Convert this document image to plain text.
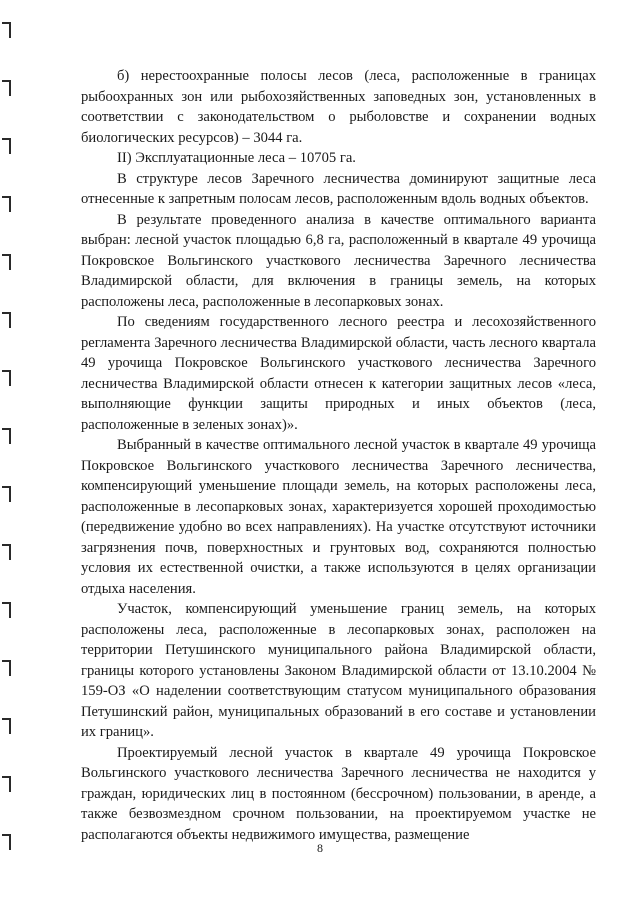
б) нерестоохранные полосы лесов (леса, расположенные в границах рыбоохранных зон или рыбохозяйственных заповедных зон, установленных в соответствии с законодательством о рыболовстве и сохранении водных биологических ресурсов) – 3044 га.

II) Эксплуатационные леса – 10705 га.

В структуре лесов Заречного лесничества доминируют защитные леса отнесенные к запретным полосам лесов, расположенным вдоль водных объектов.

В результате проведенного анализа в качестве оптимального варианта выбран: лесной участок площадью 6,8 га, расположенный в квартале 49 урочища Покровское Вольгинского участкового лесничества Заречного лесничества Владимирской области, для включения в границы земель, на которых расположены леса, расположенные в лесопарковых зонах.

По сведениям государственного лесного реестра и лесохозяйственного регламента Заречного лесничества Владимирской области, часть лесного квартала 49 урочища Покровское Вольгинского участкового лесничества Заречного лесничества Владимирской области отнесен к категории защитных лесов «леса, выполняющие функции защиты природных и иных объектов (леса, расположенные в зеленых зонах)».

Выбранный в качестве оптимального лесной участок в квартале 49 урочища Покровское Вольгинского участкового лесничества Заречного лесничества, компенсирующий уменьшение площади земель, на которых расположены леса, расположенные в лесопарковых зонах, характеризуется хорошей проходимостью (передвижение удобно во всех направлениях). На участке отсутствуют источники загрязнения почв, поверхностных и грунтовых вод, сохраняются полностью условия их естественной очистки, а также используются в целях организации отдыха населения.

Участок, компенсирующий уменьшение границ земель, на которых расположены леса, расположенные в лесопарковых зонах, расположен на территории Петушинского муниципального района Владимирской области, границы которого установлены Законом Владимирской области от 13.10.2004 № 159-ОЗ «О наделении соответствующим статусом муниципального образования Петушинский район, муниципальных образований в его составе и установлении их границ».

Проектируемый лесной участок в квартале 49 урочища Покровское Вольгинского участкового лесничества Заречного лесничества не находится у граждан, юридических лиц в постоянном (бессрочном) пользовании, в аренде, а также безвозмездном срочном пользовании, на проектируемом участке не располагаются объекты недвижимого имущества, размещение

8
